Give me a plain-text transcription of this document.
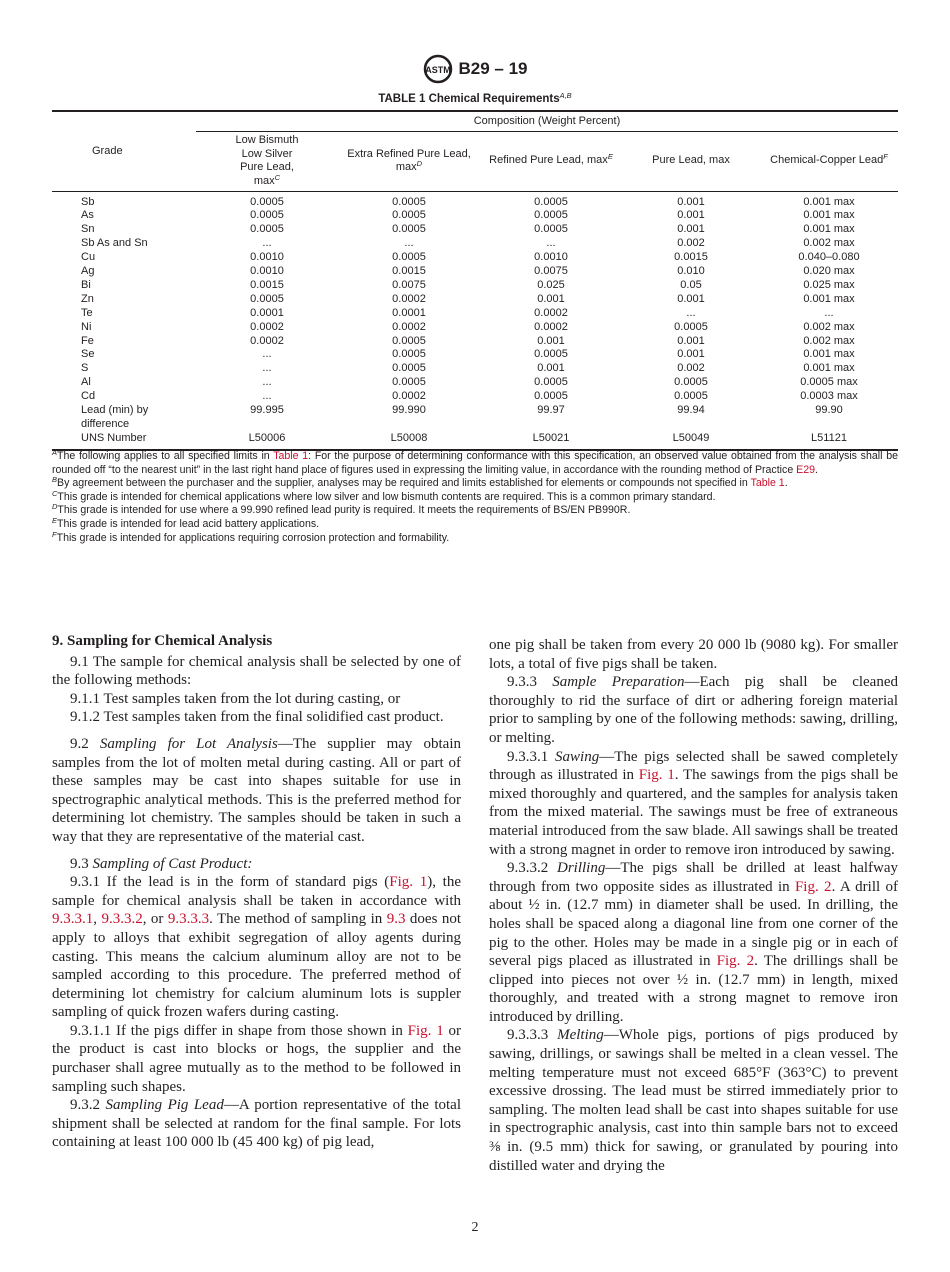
ASTM B29 – 19
TABLE 1 Chemical Requirements$^{A,B}$
Grade	Composition (Weight Percent)				
	Low Bismuth Low Silver Pure Lead, $\max^C$	Extra Refined Pure Lead, $\max^D$	Refined Pure Lead, $\max^E$	Pure Lead, max	Chemical-Copper Lead$^F$
Sb	0.0005	0.0005	0.0005	0.001	0.001 max
As	0.0005	0.0005	0.0005	0.001	0.001 max
Sn	0.0005	0.0005	0.0005	0.001	0.001 max
Sb As and Sn	...	...	...	0.002	0.002 max
Cu	0.0010	0.0005	0.0010	0.0015	0.040–0.080
Ag	0.0010	0.0015	0.0075	0.010	0.020 max
Bi	0.0015	0.0075	0.025	0.05	0.025 max
Zn	0.0005	0.0002	0.001	0.001	0.001 max
Te	0.0001	0.0001	0.0002	...	...
Ni	0.0002	0.0002	0.0002	0.0005	0.002 max
Fe	0.0002	0.0005	0.001	0.001	0.002 max
Se	...	0.0005	0.0005	0.001	0.001 max
S	...	0.0005	0.001	0.002	0.001 max
Al	...	0.0005	0.0005	0.0005	0.0005 max
Cd	...	0.0002	0.0005	0.0005	0.0003 max
Lead (min) by difference	99.995	99.990	99.97	99.94	99.90
UNS Number	L50006	L50008	L50021	L50049	L51121

$^A$The following applies to all specified limits in Table 1: For the purpose of determining conformance with this specification, an observed value obtained from the analysis shall be rounded off “to the nearest unit” in the last right hand place of figures used in expressing the limiting value, in accordance with the rounding method of Practice E29.

$^B$By agreement between the purchaser and the supplier, analyses may be required and limits established for elements or compounds not specified in Table 1.

$^C$This grade is intended for chemical applications where low silver and low bismuth contents are required. This is a common primary standard.

$^D$This grade is intended for use where a 99.990 refined lead purity is required. It meets the requirements of BS/EN PB990R.

$^E$This grade is intended for lead acid battery applications.

$^F$This grade is intended for applications requiring corrosion protection and formability.

9. Sampling for Chemical Analysis

9.1 The sample for chemical analysis shall be selected by one of the following methods:

9.1.1 Test samples taken from the lot during casting, or

9.1.2 Test samples taken from the final solidified cast product.

9.2 Sampling for Lot Analysis—The supplier may obtain samples from the lot of molten metal during casting. All or part of these samples may be cast into shapes suitable for use in spectrographic analytical methods. This is the preferred method for determining lot chemistry. The samples should be taken in such a way that they are representative of the material cast.

9.3 Sampling of Cast Product:

9.3.1 If the lead is in the form of standard pigs (Fig. 1), the sample for chemical analysis shall be taken in accordance with 9.3.3.1, 9.3.3.2, or 9.3.3.3. The method of sampling in 9.3 does not apply to alloys that exhibit segregation of alloy agents during casting. This means the calcium aluminum alloy are not to be sampled according to this procedure. The preferred method of determining lot chemistry for calcium aluminum lots is suppler sampling of quick frozen wafers during casting.

9.3.1.1 If the pigs differ in shape from those shown in Fig. 1 or the product is cast into blocks or hogs, the supplier and the purchaser shall agree mutually as to the method to be followed in sampling such shapes.

9.3.2 Sampling Pig Lead—A portion representative of the total shipment shall be selected at random for the final sample. For lots containing at least 100 000 lb (45 400 kg) of pig lead,

one pig shall be taken from every 20 000 lb (9080 kg). For smaller lots, a total of five pigs shall be taken.

9.3.3 Sample Preparation—Each pig shall be cleaned thoroughly to rid the surface of dirt or adhering foreign material prior to sampling by one of the following methods: sawing, drilling, or melting.

9.3.3.1 Sawing—The pigs selected shall be sawed completely through as illustrated in Fig. 1. The sawings from the pigs shall be mixed thoroughly and quartered, and the samples for analysis taken from the mixed material. The sawings must be free of extraneous material introduced from the saw blade. All sawings shall be treated with a strong magnet in order to remove iron introduced by sawing.

9.3.3.2 Drilling—The pigs shall be drilled at least halfway through from two opposite sides as illustrated in Fig. 2. A drill of about ½ in. (12.7 mm) in diameter shall be used. In drilling, the holes shall be spaced along a diagonal line from one corner of the pig to the other. Holes may be made in a single pig or in each of several pigs placed as illustrated in Fig. 2. The drillings shall be clipped into pieces not over ½ in. (12.7 mm) in length, mixed thoroughly, and treated with a strong magnet to remove iron introduced by drilling.

9.3.3.3 Melting—Whole pigs, portions of pigs produced by sawing, drillings, or sawings shall be melted in a clean vessel. The melting temperature must not exceed 685°F (363°C) to prevent excessive drossing. The lead must be stirred immediately prior to sampling. The molten lead shall be cast into shapes suitable for use in spectrographic analysis, cast into thin sample bars not to exceed ⅜ in. (9.5 mm) thick for sawing, or granulated by pouring into distilled water and drying the

2
